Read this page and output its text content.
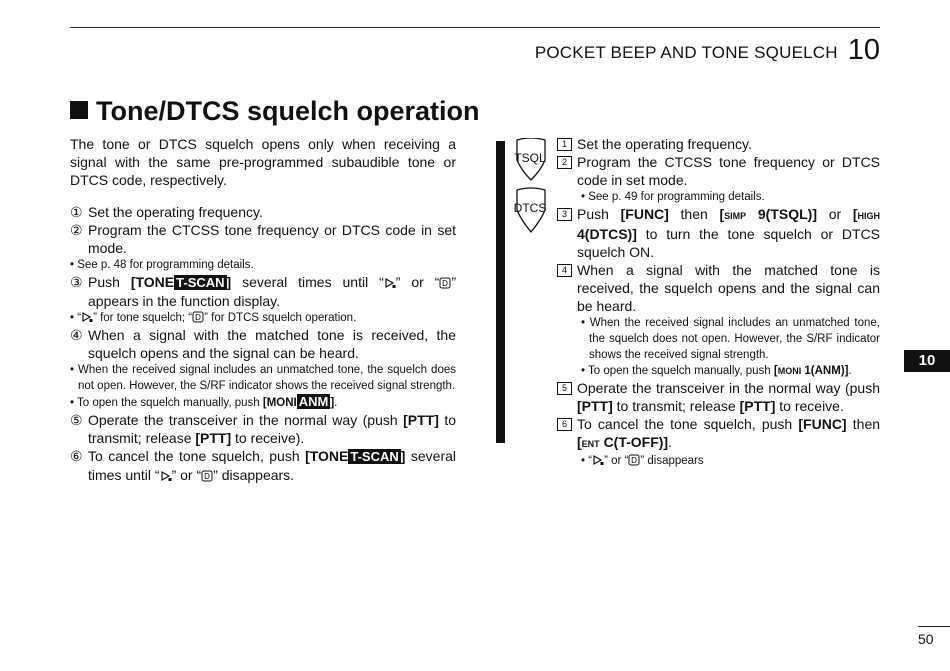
POCKET BEEP AND TONE SQUELCH 10
Tone/DTCS squelch operation

The tone or DTCS squelch opens only when receiving a signal with the same pre-programmed subaudible tone or DTCS code, respectively.

① Set the operating frequency.
② Program the CTCSS tone frequency or DTCS code in set mode.

• See p. 48 for programming details.

③ Push [TONE T-SCAN ] several times until “ ” or “ D ” appears in the function display.

• “ ” for tone squelch; “ D ” for DTCS squelch operation.

④ When a signal with the matched tone is received, the squelch opens and the signal can be heard.

• When the received signal includes an unmatched tone, the squelch does not open. However, the S/RF indicator shows the received signal strength.

• To open the squelch manually, push [MONI ANM ].

⑤ Operate the transceiver in the normal way (push [PTT] to transmit; release [PTT] to receive).
⑥ To cancel the tone squelch, push [TONE T-SCAN ] several times until “ ” or “ D ” disappears.
TSQL
DTCS
1 Set the operating frequency.
2 Program the CTCSS tone frequency or DTCS code in set mode.

• See p. 49 for programming details.

3 Push [FUNC] then [SIMP 9(TSQL)] or [HIGH 4(DTCS)] to turn the tone squelch or DTCS squelch ON.
4 When a signal with the matched tone is received, the squelch opens and the signal can be heard.

• When the received signal includes an unmatched tone, the squelch does not open. However, the S/RF indicator shows the received signal strength.

• To open the squelch manually, push [MONI 1(ANM)].

5 Operate the transceiver in the normal way (push [PTT] to transmit; release [PTT] to receive.
6 To cancel the tone squelch, push [FUNC] then [ENT C(T-OFF)].

• “ ” or “ D ” disappears

10
50
